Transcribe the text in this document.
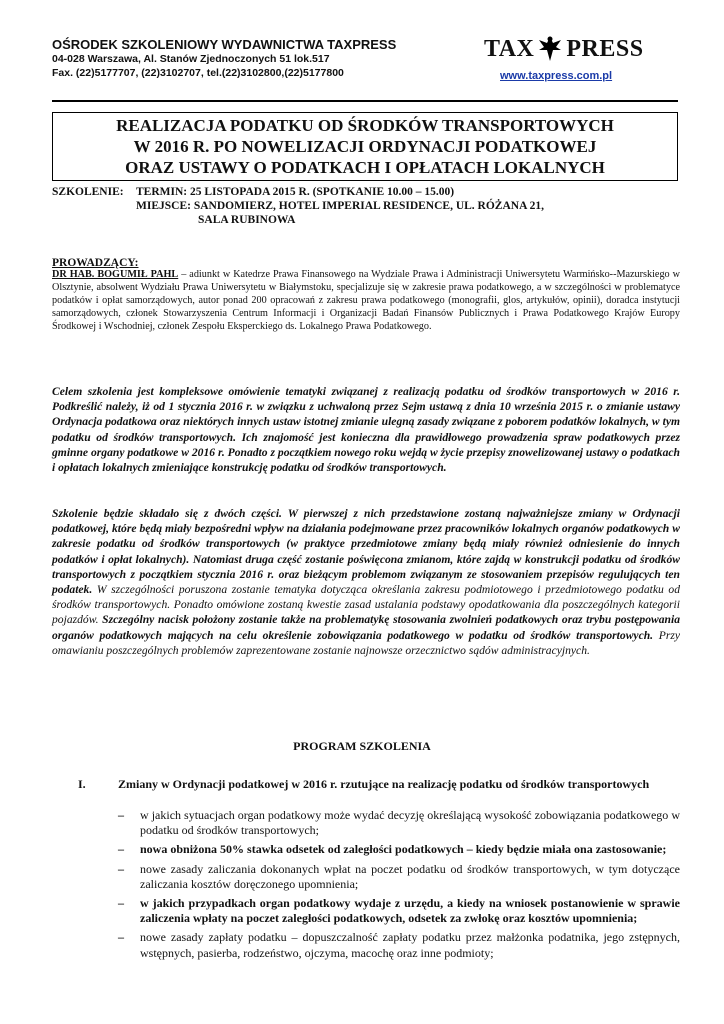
OŚRODEK SZKOLENIOWY WYDAWNICTWA TAXPRESS
04-028 Warszawa, Al. Stanów Zjednoczonych 51 lok.517
Fax. (22)5177707, (22)3102707, tel.(22)3102800,(22)5177800
TAX PRESS
www.taxpress.com.pl
REALIZACJA PODATKU OD ŚRODKÓW TRANSPORTOWYCH
W 2016 R. PO NOWELIZACJI ORDYNACJI PODATKOWEJ
ORAZ USTAWY O PODATKACH I OPŁATACH LOKALNYCH
SZKOLENIE: TERMIN: 25 LISTOPADA 2015 R. (SPOTKANIE 10.00 – 15.00)
MIEJSCE: SANDOMIERZ, HOTEL IMPERIAL RESIDENCE, UL. RÓŻANA 21,
SALA RUBINOWA
PROWADZĄCY:
DR HAB. BOGUMIŁ PAHL – adiunkt w Katedrze Prawa Finansowego na Wydziale Prawa i Administracji Uniwersytetu Warmińsko--Mazurskiego w Olsztynie, absolwent Wydziału Prawa Uniwersytetu w Białymstoku, specjalizuje się w zakresie prawa podatkowego, a w szczególności w problematyce podatków i opłat samorządowych, autor ponad 200 opracowań z zakresu prawa podatkowego (monografii, glos, artykułów, opinii), doradca instytucji samorządowych, członek Stowarzyszenia Centrum Informacji i Organizacji Badań Finansów Publicznych i Prawa Podatkowego Krajów Europy Środkowej i Wschodniej, członek Zespołu Eksperckiego ds. Lokalnego Prawa Podatkowego.
Celem szkolenia jest kompleksowe omówienie tematyki związanej z realizacją podatku od środków transportowych w 2016 r. Podkreślić należy, iż od 1 stycznia 2016 r. w związku z uchwaloną przez Sejm ustawą z dnia 10 września 2015 r. o zmianie ustawy Ordynacja podatkowa oraz niektórych innych ustaw istotnej zmianie ulegną zasady związane z poborem podatków lokalnych, w tym podatku od środków transportowych. Ich znajomość jest konieczna dla prawidłowego prowadzenia spraw podatkowych przez gminne organy podatkowe w 2016 r. Ponadto z początkiem nowego roku wejdą w życie przepisy znowelizowanej ustawy o podatkach i opłatach lokalnych zmieniające konstrukcję podatku od środków transportowych.
Szkolenie będzie składało się z dwóch części. W pierwszej z nich przedstawione zostaną najważniejsze zmiany w Ordynacji podatkowej, które będą miały bezpośredni wpływ na działania podejmowane przez pracowników lokalnych organów podatkowych w zakresie podatku od środków transportowych (w praktyce przedmiotowe zmiany będą miały również odniesienie do innych podatków i opłat lokalnych). Natomiast druga część zostanie poświęcona zmianom, które zajdą w konstrukcji podatku od środków transportowych z początkiem stycznia 2016 r. oraz bieżącym problemom związanym ze stosowaniem przepisów regulujących ten podatek. W szczególności poruszona zostanie tematyka dotycząca określania zakresu podmiotowego i przedmiotowego podatku od środków transportowych. Ponadto omówione zostaną kwestie zasad ustalania podstawy opodatkowania dla poszczególnych kategorii pojazdów. Szczególny nacisk położony zostanie także na problematykę stosowania zwolnień podatkowych oraz trybu postępowania organów podatkowych mających na celu określenie zobowiązania podatkowego w podatku od środków transportowych. Przy omawianiu poszczególnych problemów zaprezentowane zostanie najnowsze orzecznictwo sądów administracyjnych.
PROGRAM SZKOLENIA
I.	Zmiany w Ordynacji podatkowej w 2016 r. rzutujące na realizację podatku od środków transportowych
– w jakich sytuacjach organ podatkowy może wydać decyzję określającą wysokość zobowiązania podatkowego w podatku od środków transportowych;
– nowa obniżona 50% stawka odsetek od zaległości podatkowych – kiedy będzie miała ona zastosowanie;
– nowe zasady zaliczania dokonanych wpłat na poczet podatku od środków transportowych, w tym dotyczące zaliczania kosztów doręczonego upomnienia;
– w jakich przypadkach organ podatkowy wydaje z urzędu, a kiedy na wniosek postanowienie w sprawie zaliczenia wpłaty na poczet zaległości podatkowych, odsetek za zwłokę oraz kosztów upomnienia;
– nowe zasady zapłaty podatku – dopuszczalność zapłaty podatku przez małżonka podatnika, jego zstępnych, wstępnych, pasierba, rodzeństwo, ojczyma, macochę oraz inne podmioty;
